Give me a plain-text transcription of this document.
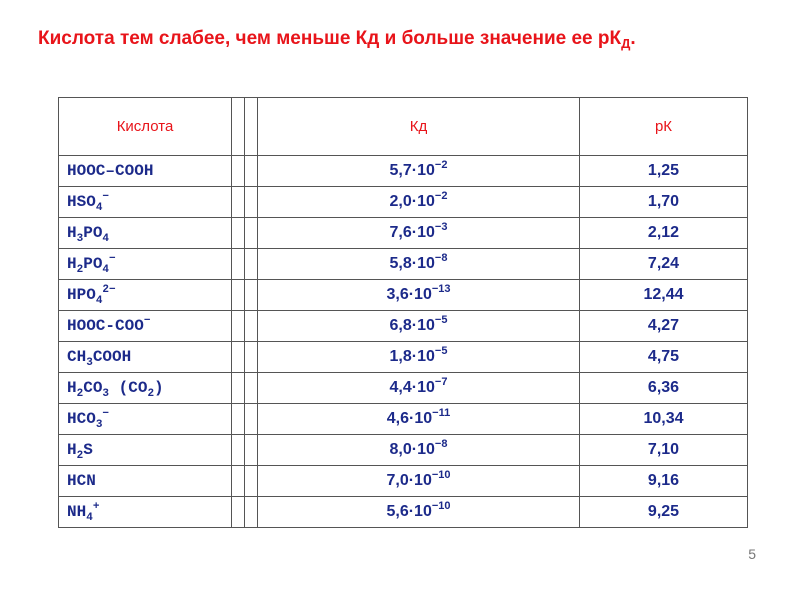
Кислота тем слабее, чем меньше Кд и больше значение ее $рК_Д$.
Кислота			Кд	рК
HOOC–COOH			$5,7\cdot 10^{-2}$	1,25
$HSO_4^-$			$2,0\cdot 10^{-2}$	1,70
$H_3PO_4$			$7,6\cdot 10^{-3}$	2,12
$H_2PO_4^-$			$5,8\cdot 10^{-8}$	7,24
$HPO_4^{2-}$			$3,6\cdot 10^{-13}$	12,44
HOOC-COO−			$6,8\cdot 10^{-5}$	4,27
$CH_3COOH$			$1,8\cdot 10^{-5}$	4,75
$H_2CO_3$ $(CO_2)$			$4,4\cdot 10^{-7}$	6,36
$HCO_3^-$			$4,6\cdot 10^{-11}$	10,34
$H_2S$			$8,0\cdot 10^{-8}$	7,10
HCN			$7,0\cdot 10^{-10}$	9,16
$NH_4^+$			$5,6\cdot 10^{-10}$	9,25
5
